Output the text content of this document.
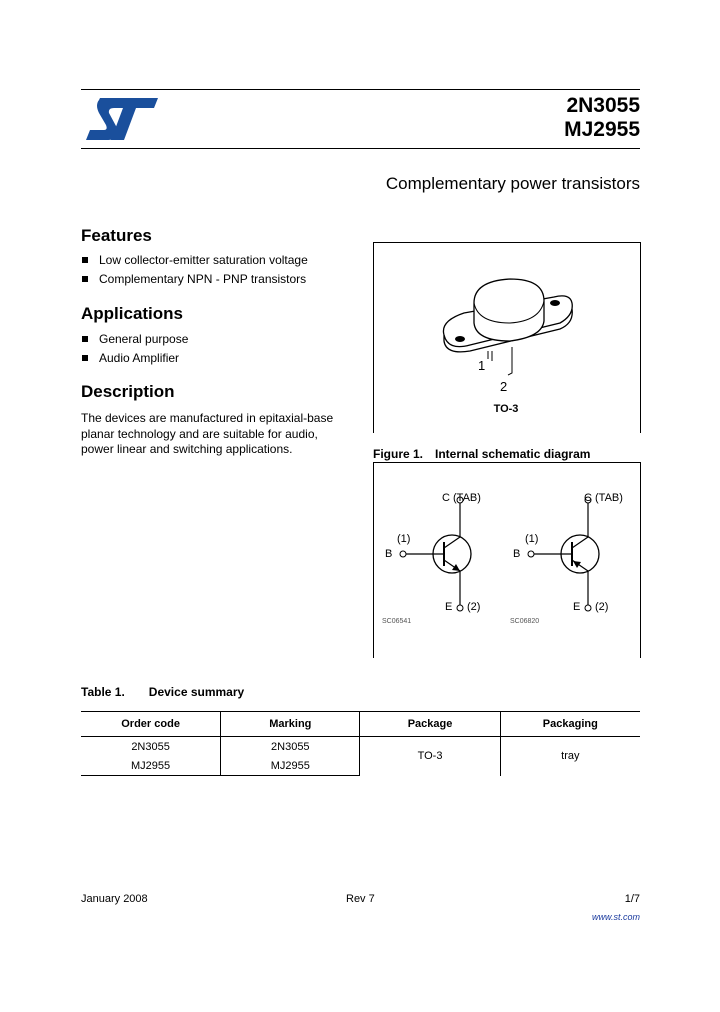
2N3055
MJ2955
Complementary power transistors
Features
Low collector-emitter saturation voltage
Complementary NPN - PNP transistors
Applications
General purpose
Audio Amplifier
Description
The devices are manufactured in epitaxial-base planar technology and are suitable for audio, power linear and switching applications.
1
2
TO-3
Figure 1. Internal schematic diagram
C (TAB)
(1)
B
E (2)
SC06541
C (TAB)
(1)
B
E (2)
SC06820
Table 1. Device summary
Order code	Marking	Package	Packaging
2N3055	2N3055	TO-3	tray
MJ2955	MJ2955		
January 2008	Rev 7	1/7
www.st.com
